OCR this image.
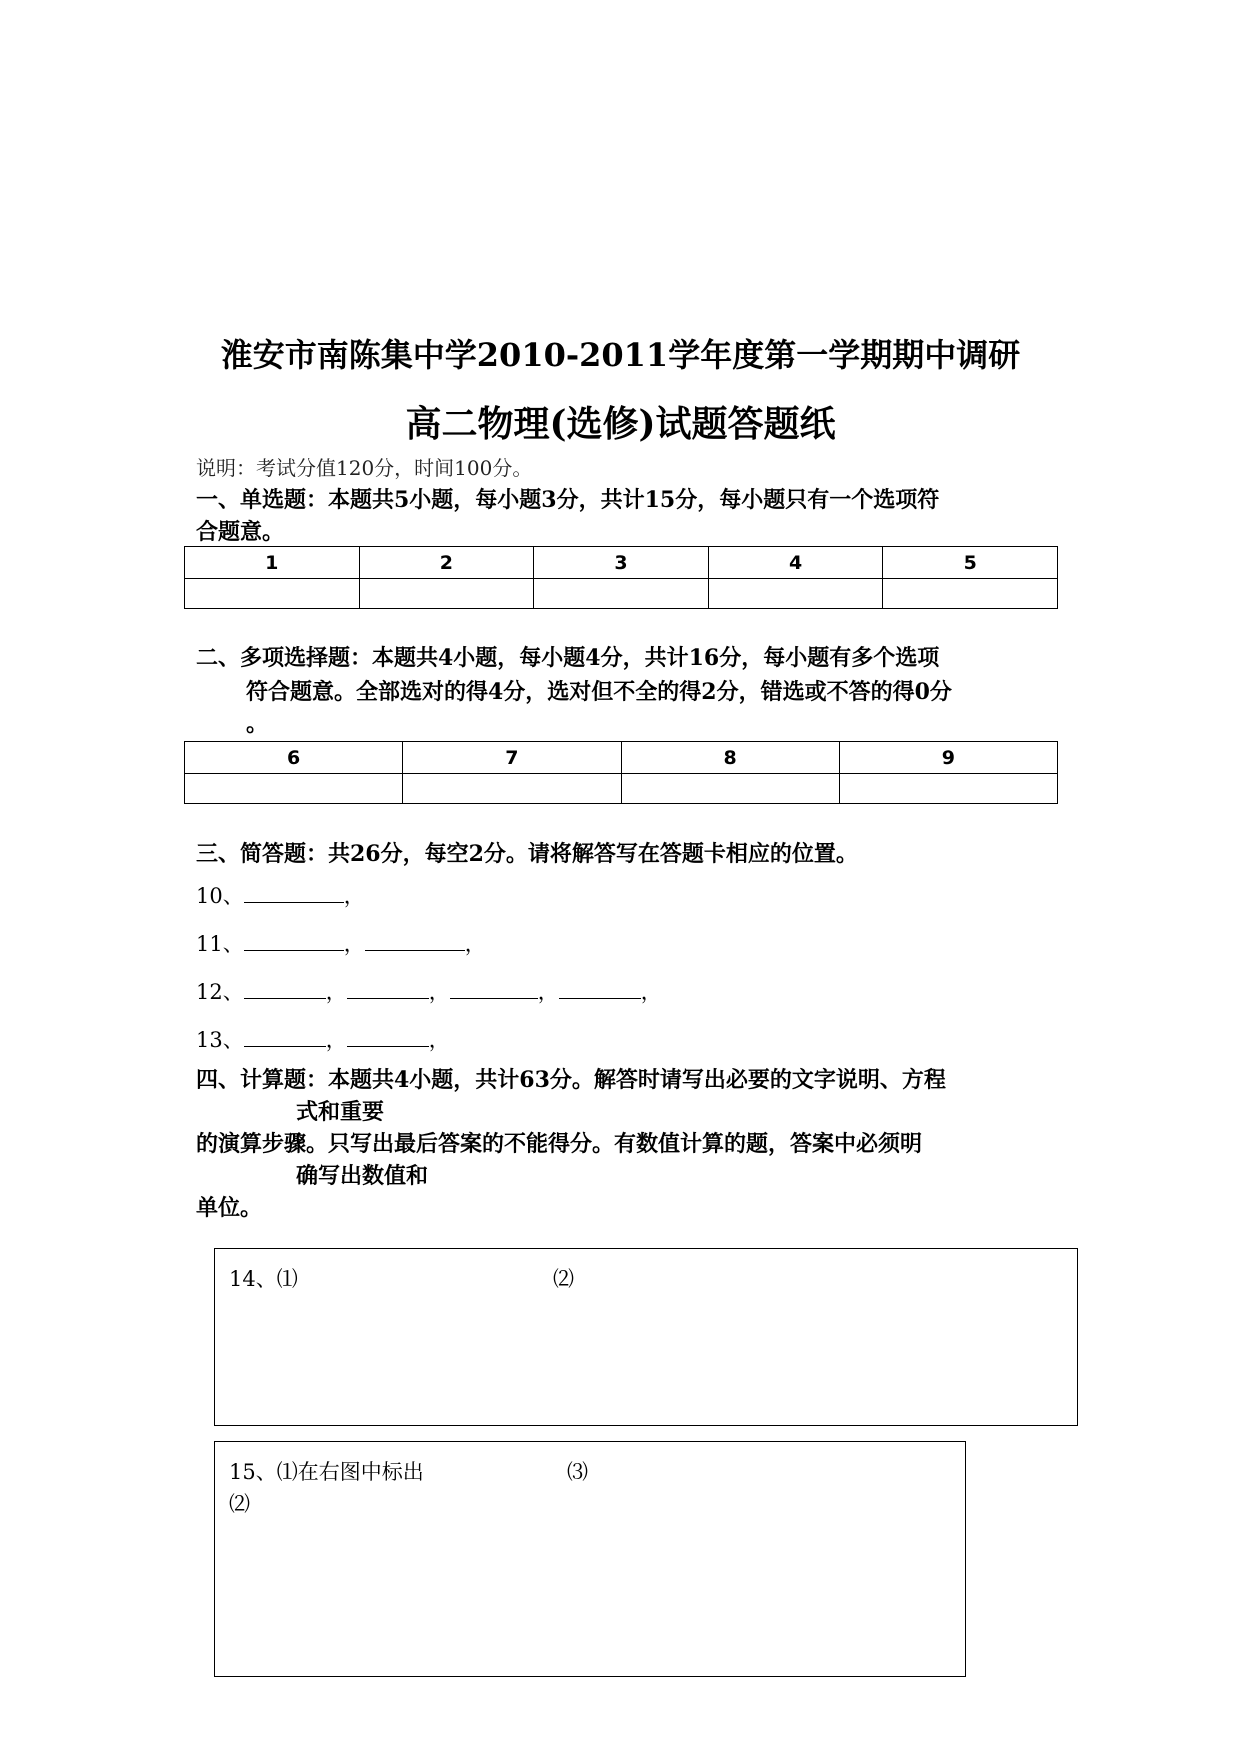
淮安市南陈集中学2010-2011学年度第一学期期中调研
高二物理(选修)试题答题纸
说明：考试分值120分，时间100分。
一、单选题：本题共5小题，每小题3分，共计15分，每小题只有一个选项符
合题意。
1	2	3	4	5

二、多项选择题：本题共4小题，每小题4分，共计16分，每小题有多个选项
符合题意。全部选对的得4分，选对但不全的得2分，错选或不答的得0分
。
6	7	8	9

三、简答题：共26分，每空2分。请将解答写在答题卡相应的位置。
10、	，
11、	，	，
12、	，	，	，	，
13、	，	，
四、计算题：本题共4小题，共计63分。解答时请写出必要的文字说明、方程
式和重要
的演算步骤。只写出最后答案的不能得分。有数值计算的题，答案中必须明
确写出数值和
单位。
14、⑴	⑵
15、⑴在右图中标出	⑶
⑵
